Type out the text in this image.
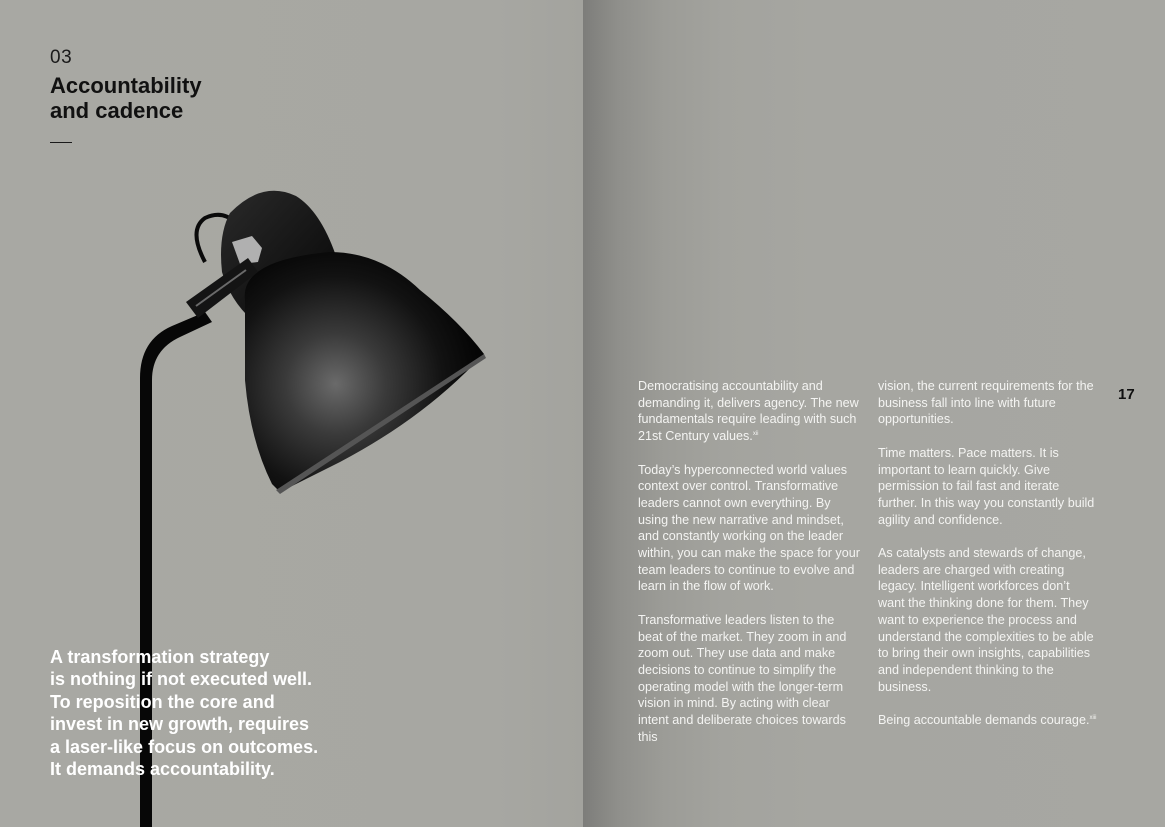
03
Accountability
and cadence

A transformation strategy
is nothing if not executed well.
To reposition the core and
invest in new growth, requires
a laser-like focus on outcomes.
It demands accountability.

Democratising accountability and demanding it, delivers agency. The new fundamentals require leading with such 21st Century values.$^{xii}$

Today’s hyperconnected world values context over control. Transformative leaders cannot own everything. By using the new narrative and mindset, and constantly working on the leader within, you can make the space for your team leaders to continue to evolve and learn in the flow of work.

Transformative leaders listen to the beat of the market. They zoom in and zoom out. They use data and make decisions to continue to simplify the operating model with the longer-term vision in mind. By acting with clear intent and deliberate choices towards this

vision, the current requirements for the business fall into line with future opportunities.

Time matters. Pace matters. It is important to learn quickly. Give permission to fail fast and iterate further. In this way you constantly build agility and confidence.

As catalysts and stewards of change, leaders are charged with creating legacy. Intelligent workforces don’t want the thinking done for them. They want to experience the process and understand the complexities to be able to bring their own insights, capabilities and independent thinking to the business.

Being accountable demands courage.$^{xiii}$

17
